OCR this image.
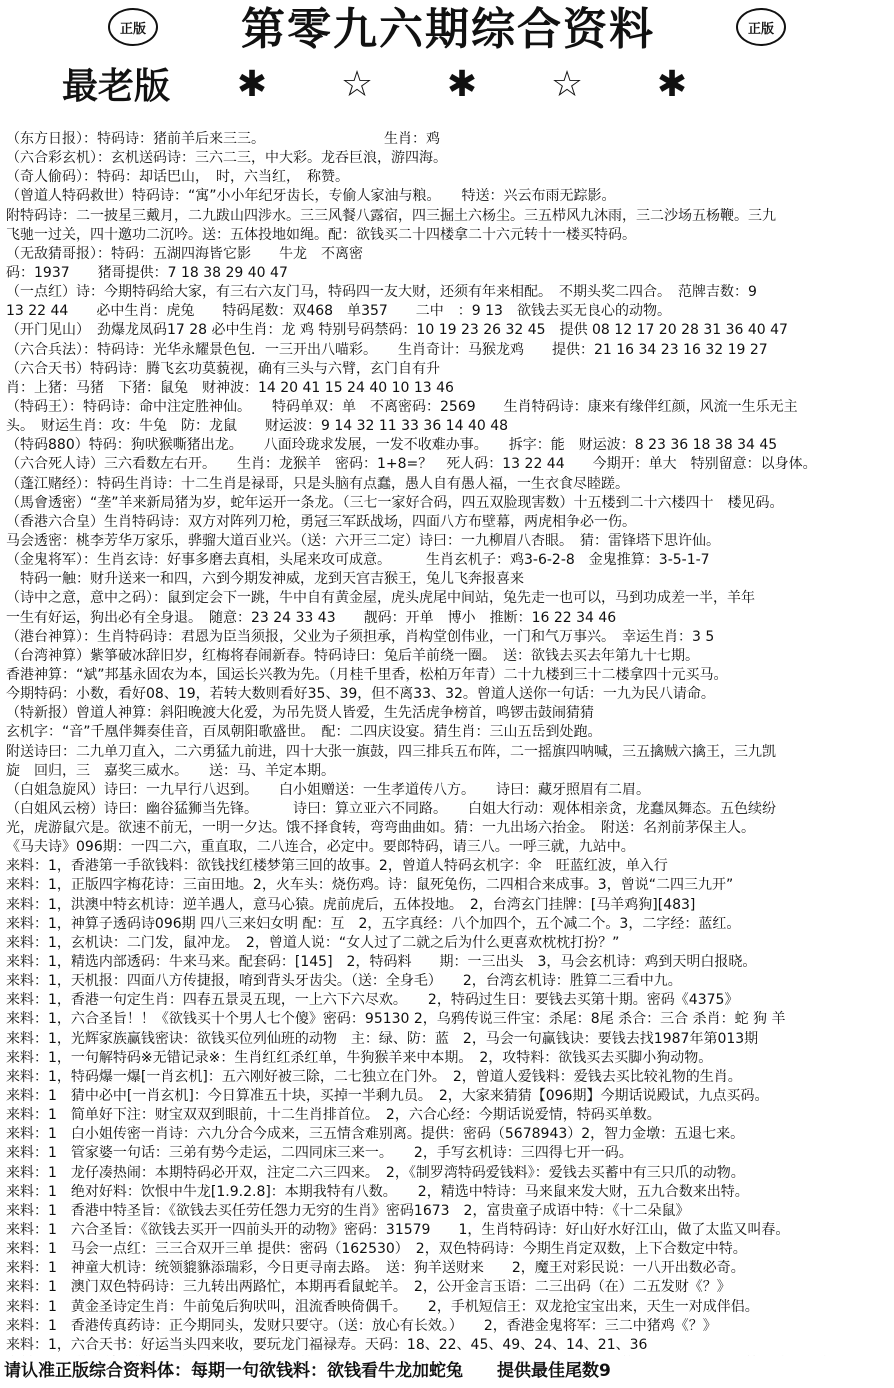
正版	第零九六期综合资料	正版
最老版	✱	☆	✱	☆	✱
（东方日报）：特码诗：猪前羊后来三三。　　　　　　　　　生肖：鸡
（六合彩玄机）：玄机送码诗：三六二三，中大彩。龙吞巨浪，游四海。
（奇人偷码）：特码：却话巴山，　时，六当红，　称赞。
（曾道人特码救世）特码诗：“寓”小小年纪牙齿长，专偷人家油与粮。　　特送：兴云布雨无踪影。
附特码诗：二一披星三戴月，二九跋山四涉水。三三风餐八露宿，四三掘土六杨尘。三五栉风九沐雨，三二沙场五杨鞭。三九
飞驰一过关，四十邀功二沉吟。送：五体投地如绳。配：欲钱买二十四楼拿二十六元转十一楼买特码。
（无敌猜哥报）：特码：五湖四海皆它影　　牛龙　不离密
码：1937　　猪哥提供：7 18 38 29 40 47
（一点红）诗：今期特码给大家，有三右六友门马，特码四一友大财，还须有年来相配。　不期头奖二四合。　范牌吉数：9
13 22 44　　必中生肖：虎兔　　特码尾数：双468　单357　　二中　：9 13　欲钱去买无良心的动物。
（开门见山）　劲爆龙凤码17 28 必中生肖：龙 鸡 特别号码禁码：10 19 23 26 32 45　提供 08 12 17 20 28 31 36 40 47
（六合兵法）：特码诗：光华永耀景色包．一三开出八喵彩。　　生肖奇计：马猴龙鸡　　提供：21 16 34 23 16 32 19 27
（六合天书）特码诗：腾飞玄功莫藐视，确有三头与六臂，玄门自有升
肖：上猪：马猪　下猪：鼠兔　财神波：14 20 41 15 24 40 10 13 46
（特码王）：特码诗：命中注定胜神仙。　　特码单双：单　不离密码：2569　　生肖特码诗：康来有缘伴红颜，风流一生乐无主
头。　财运生肖：攻：牛兔　防：龙鼠　　财运波：9 14 32 11 33 36 14 40 48
（特码880）特码：狗吠猴嘶猪出龙。　　八面玲珑求发展，一发不收难办事。　　拆字：能　财运波：8 23 36 18 38 34 45
（六合死人诗）三六看数左右开。　　生肖：龙猴羊　密码：1+8=？　死人码：13 22 44　　今期开：单大　特别留意：以身体。
（蓬江赌经）：特码生肖诗：十二生肖是禄哥，只是头脑有点蠢，愚人自有愚人福，一生衣食尽睦蹉。
（馬會透密）“垄”羊来新局猪为岁，蛇年运开一条龙。（三七一家好合码，四五双脸现害数）十五楼到二十六楼四十　楼见码。
（香港六合皇）生肖特码诗：双方对阵列刀枪，勇冠三军跃战场，四面八方布壁幕，两虎相争必一伤。
马会透密：桃李芳华万家乐，骅骝大道百业兴。（送：六开三二定）诗曰：一九柳眉八杏眼。　猜：雷锋塔下思许仙。
（金鬼将军）：生肖玄诗：好事多磨去真相，头尾来攻可成意。　　　生肖玄机子：鸡3-6-2-8　金鬼推算：3-5-1-7
　特码一触：财升送来一和四，六到今期发神威，龙到天宫吉猴王，兔儿飞奔报喜来
（诗中之意，意中之码）：鼠到定会下一跳，牛中自有黄金屋，虎头虎尾中间站，兔先走一也可以，马到功成差一半，羊年
一生有好运，狗出必有全身退。　随意：23 24 33 43　　靓码：开单　博小　推断：16 22 34 46
（港台神算）：生肖特码诗：君恩为臣当须报，父业为子须担承，肖构堂创伟业，一门和气万事兴。　幸运生肖：3 5
（台湾神算）紫箏破冰辞旧岁，红梅将春闹新春。特码诗曰：兔后羊前绕一圈。　送：欲钱去买去年第九十七期。
香港神算：“斌”邦基永固农为本，国运长兴教为先。（月桂千里香，松柏万年青）二十九楼到三十二楼拿四十元买马。
今期特码：小数，看好08、19，若转大数则看好35、39，但不离33、32。曾道人送你一句话：一九为民八请命。
（特新报）曾道人神算：斜阳晚渡大化爱，为吊先贤人皆爱，生先活虎争榜首，鸣锣击鼓闹猜猜
玄机字：“音”千凰伴舞奏佳音，百凤朝阳歌盛世。　配：二四庆设宴。猜生肖：三山五岳到处跑。
附送诗曰：二九单刀直入，二六勇猛九前进，四十大张一旗鼓，四三排兵五布阵，二一摇旗四呐喊，三五擒贼六擒王，三九凯
旋　回归，三　嘉奖三威水。　　送：马、羊定本期。
（白姐急旋风）诗曰：一九早行八迟到。　　白小姐赠送：一生孝道传八方。　　诗曰：藏牙照眉有二眉。
（白姐风云榜）诗曰：幽谷猛狮当先锋。　　　诗曰：算立亚六不同路。　　白姐大行动：观体相亲贪，龙蠢凤舞态。五色续纷
光，虎游鼠穴是。欲速不前无，一明一夕达。饿不择食转，弯弯曲曲如。猜：一九出场六抬金。　附送：名剂前茅保主人。
《马夫诗》096期：一四二六，重直取，二八连合，必定中。要郎特码，请三八。一呼三就，九站中。
来料：1，香港第一手欲钱料：欲钱找红楼梦第三回的故事。2，曾道人特码玄机字：伞　旺蓝红波，单入行
来料：1，正版四字梅花诗：三亩田地。2，火车头：烧伤鸡。诗：鼠死兔伤，二四相合来成事。3，曾说“二四三九开”
来料：1，洪澳中特玄机诗：逆羊遇人，意马心猿。虎前虎后，五体投地。　2，台湾玄门挂牌：[马羊鸡狗][483]
来料：1，神算子透码诗096期 四八三来妇女明 配：互　2，五字真经：八个加四个，五个减二个。3，二字经：蓝红。
来料：1，玄机诀：二门发，鼠冲龙。　2，曾道人说：“女人过了二就之后为什么更喜欢枕枕打扮？”
来料：1，精选内部透码：牛来马来。配套码：[145]　2，特码料　　期：一三出头　3，马会玄机诗：鸡到天明白报晓。
来料：1，天机报：四面八方传捷报，唷到背头牙齿尖。（送：全身毛）　　2，台湾玄机诗：胜算二三看中九。
来料：1，香港一句定生肖：四春五景灵五现，一上六下六尽欢。　　2，特码过生日：要钱去买第十期。密码《4375》
来料：1，六合圣旨！！《欲钱买十个男人七个傻》密码：95130 2，乌鸦传说三件宝：杀尾：8尾 杀合：三合 杀肖：蛇 狗 羊
来料：1，光辉家族赢钱密诀：欲钱买位列仙班的动物　主：绿、防：蓝　2，马会一句赢钱诀：要钱去找1987年第013期
来料：1，一句解特码※无错记录※：生肖红红杀红单，牛狗猴羊来中本期。　2，攻特料：欲钱买去买脚小狗动物。
来料：1，特码爆一爆[一肖玄机]：五六刚好被三除，二七独立在门外。　2，曾道人爱钱料：爱钱去买比较礼物的生肖。
来料：1　猜中必中[一肖玄机]：今日算准五十块，买掉一半剩九员。　2，大家来猜猜【096期】今期话说殿试，九点买码。
来料：1　简单好下注：财宝双双到眼前，十二生肖排首位。　2，六合心经：今期话说爱情，特码买单数。
来料：1　白小姐传密一肖诗：六九分合今成来，三五情含难别离。提供：密码（5678943）2，智力金墩：五退七来。
来料：1　管家婆一句话：三弟有势今走运，二四同床三来一。　　2，手写玄机诗：三四得七开一码。
来料：1　龙仔凑热闹：本期特码必开双，注定二六三四来。　2，《制罗湾特码爱钱料》：爱钱去买蓄中有三只爪的动物。
来料：1　绝对好料：饮恨中牛龙[1.9.2.8]：本期我特有八数。　　2，精选中特诗：马来鼠来发大财，五九合数来出特。
来料：1　香港中特圣旨：《欲钱去买任劳任怨力无穷的生肖》密码1673　2，富贵童子成语中特：《十二朵鼠》
来料：1　六合圣旨：《欲钱去买开一四前头开的动物》密码：31579　　1，生肖特码诗：好山好水好江山，做了太监又叫春。
来料：1　马会一点红：三三合双开三单 提供：密码（162530）　2，双色特码诗：今期生肖定双数，上下合数定中特。
来料：1　神童大机诗：统领貔貅添瑞彩，今日更寻南去路。　送：狗羊送财来　　2，魔王对彩民说：一八开出数必奇。
来料：1　澳门双色特码诗：三九转出两路忙，本期再看鼠蛇羊。　2，公开金言玉语：二三出码（在）二五发财《？》
来料：1　黄金圣诗定生肖：牛前兔后狗吠叫，沮流香映倚偶千。　　2，手机短信王：双龙抢宝宝出来，天生一对成伴侣。
来料：1　香港传真药诗：正今期同头，发财只要守。（送：放心有长效。）　　2，香港金鬼将军：三二中猪鸡《？》
来料：1，六合天书：好运当头四来收，要玩龙门福禄寿。天码：18、22、45、49、24、14、21、36
请认准正版综合资料体：每期一句欲钱料：欲钱看牛龙加蛇兔　　提供最佳尾数9
